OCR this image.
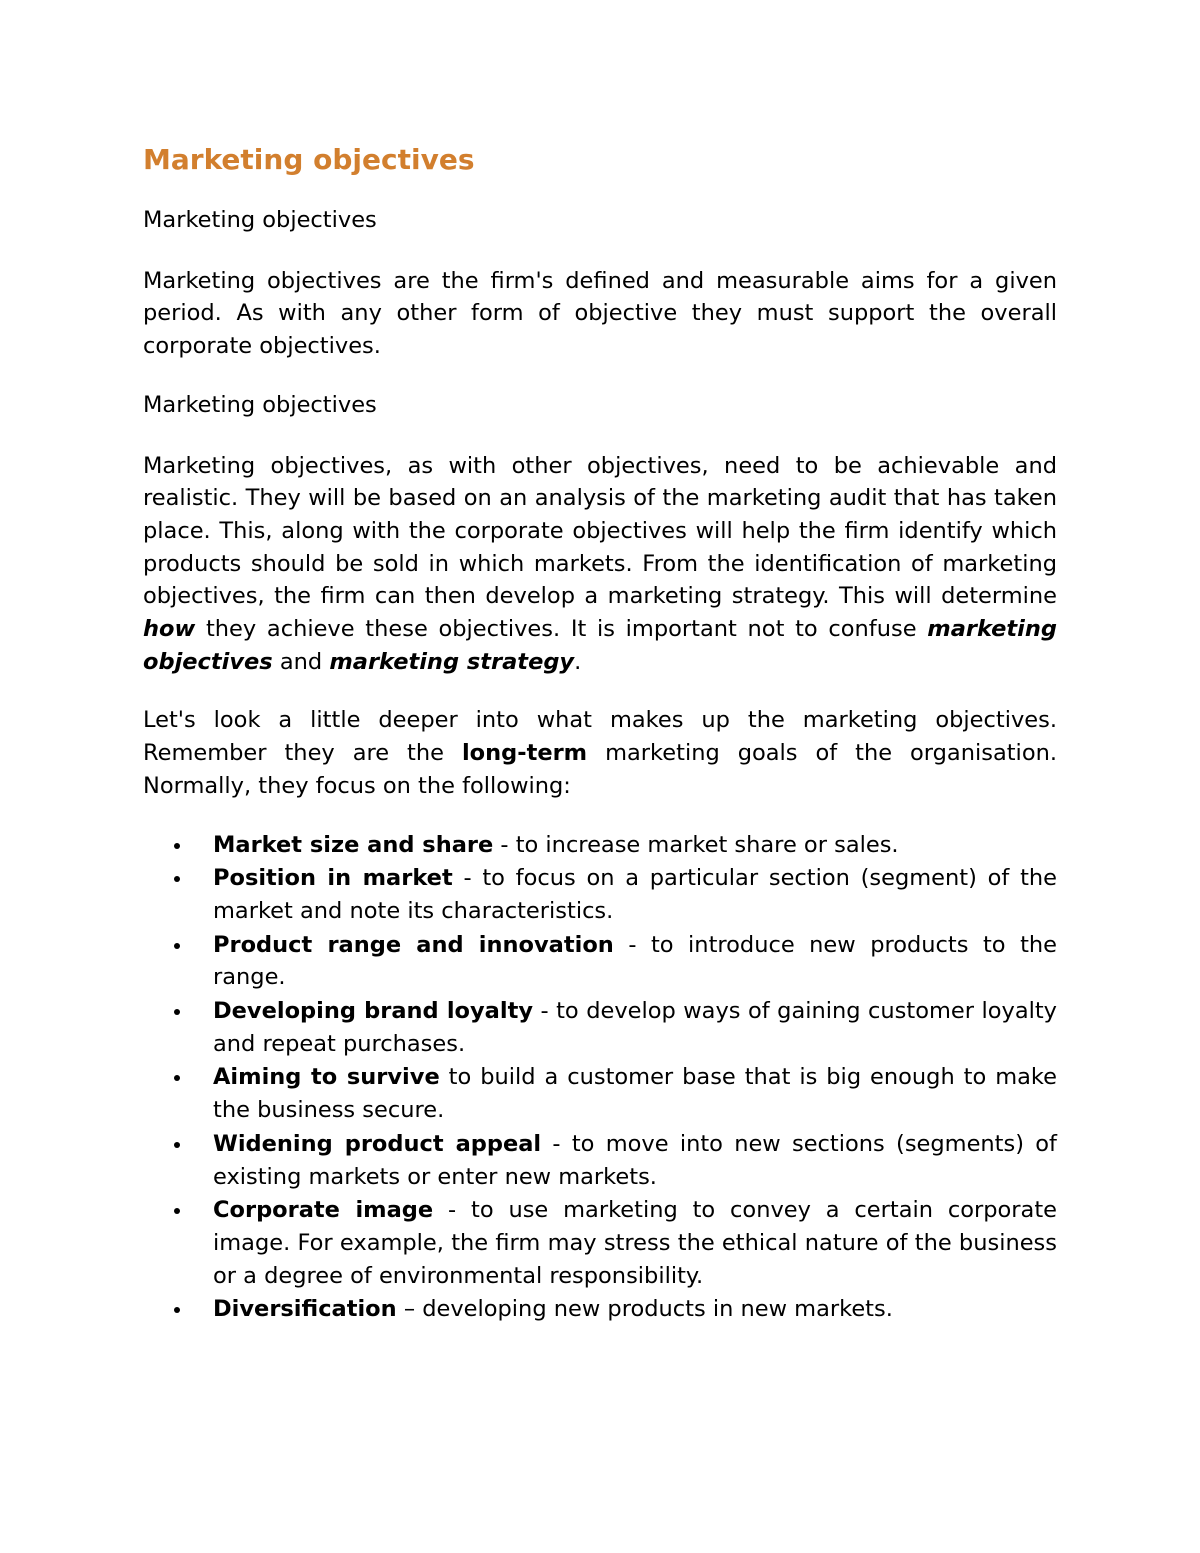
Marketing objectives

Marketing objectives

Marketing objectives are the firm's defined and measurable aims for a given period. As with any other form of objective they must support the overall corporate objectives.

Marketing objectives

Marketing objectives, as with other objectives, need to be achievable and realistic. They will be based on an analysis of the marketing audit that has taken place. This, along with the corporate objectives will help the firm identify which products should be sold in which markets. From the identification of marketing objectives, the firm can then develop a marketing strategy. This will determine how they achieve these objectives. It is important not to confuse marketing objectives and marketing strategy.

Let's look a little deeper into what makes up the marketing objectives. Remember they are the long-term marketing goals of the organisation. Normally, they focus on the following:

Market size and share - to increase market share or sales.
Position in market - to focus on a particular section (segment) of the market and note its characteristics.
Product range and innovation - to introduce new products to the range.
Developing brand loyalty - to develop ways of gaining customer loyalty and repeat purchases.
Aiming to survive to build a customer base that is big enough to make the business secure.
Widening product appeal - to move into new sections (segments) of existing markets or enter new markets.
Corporate image - to use marketing to convey a certain corporate image. For example, the firm may stress the ethical nature of the business or a degree of environmental responsibility.
Diversification – developing new products in new markets.
